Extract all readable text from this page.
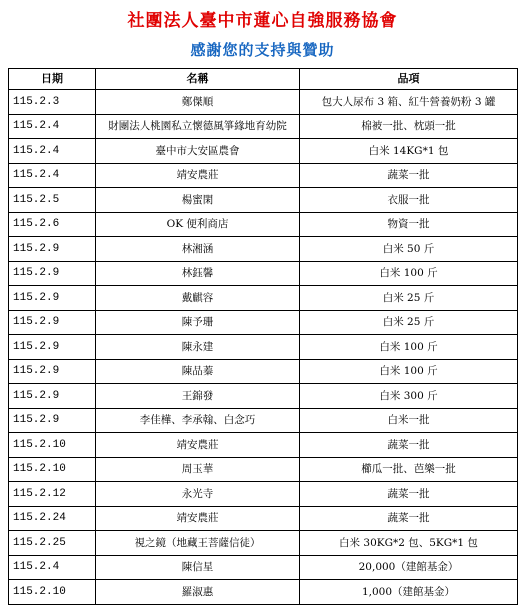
社團法人臺中市蓮心自強服務協會
感謝您的支持與贊助
日期	名稱	品項
115.2.3	鄭傑順	包大人尿布 3 箱、紅牛營養奶粉 3 罐
115.2.4	財團法人桃園私立懷德風箏緣地育幼院	棉被一批、枕頭一批
115.2.4	臺中市大安區農會	白米 14KG*1 包
115.2.4	靖安農莊	蔬菜一批
115.2.5	楊蜜閑	衣服一批
115.2.6	OK 便利商店	物資一批
115.2.9	林湘涵	白米 50 斤
115.2.9	林鈺馨	白米 100 斤
115.2.9	戴麒容	白米 25 斤
115.2.9	陳予珊	白米 25 斤
115.2.9	陳永建	白米 100 斤
115.2.9	陳品蓁	白米 100 斤
115.2.9	王錦發	白米 300 斤
115.2.9	李佳樺、李承翰、白念巧	白米一批
115.2.10	靖安農莊	蔬菜一批
115.2.10	周玉華	櫛瓜一批、芭樂一批
115.2.12	永光寺	蔬菜一批
115.2.24	靖安農莊	蔬菜一批
115.2.25	視之鏡（地藏王菩薩信徒）	白米 30KG*2 包、5KG*1 包
115.2.4	陳信星	20,000（建館基金）
115.2.10	羅淑惠	1,000（建館基金）
